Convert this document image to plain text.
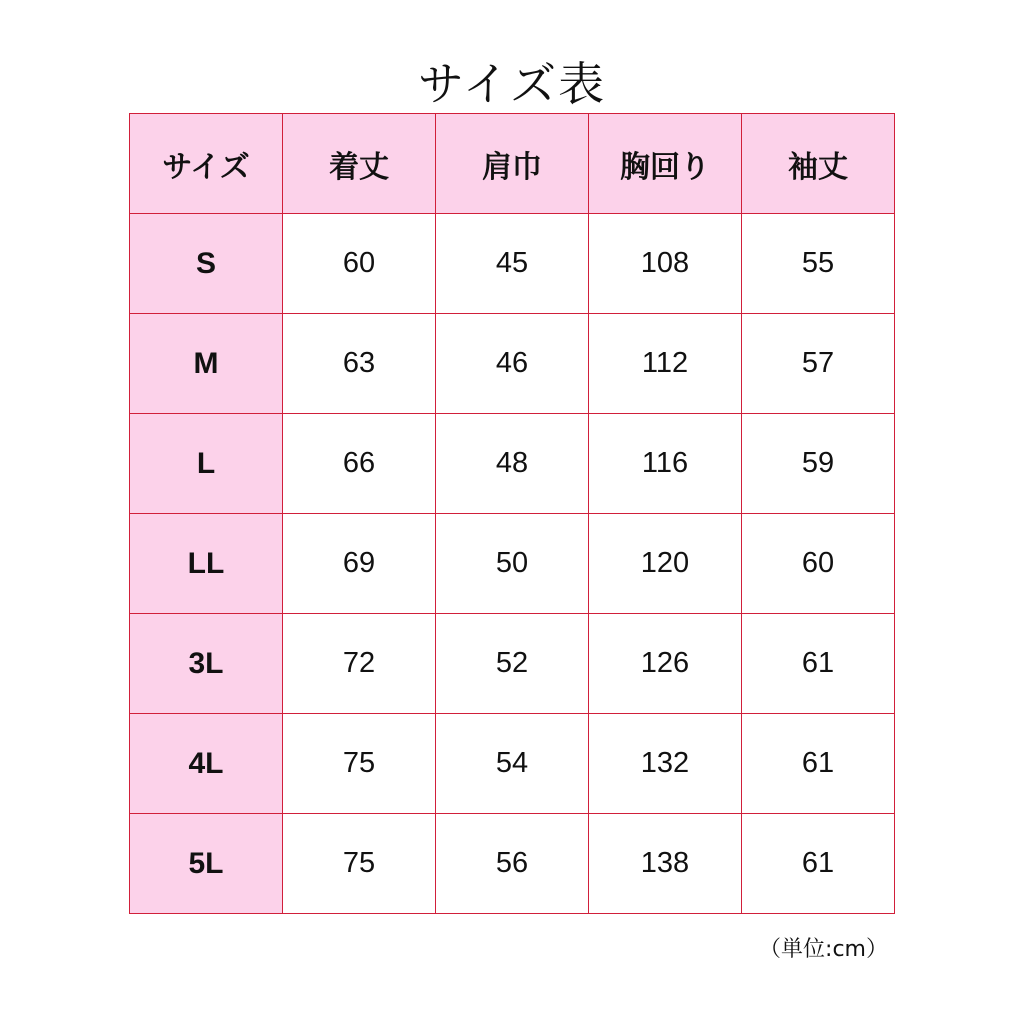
サイズ表
サイズ	着丈	肩巾	胸回り	袖丈
S	60	45	108	55
M	63	46	112	57
L	66	48	116	59
LL	69	50	120	60
3L	72	52	126	61
4L	75	54	132	61
5L	75	56	138	61
（単位:cm）
